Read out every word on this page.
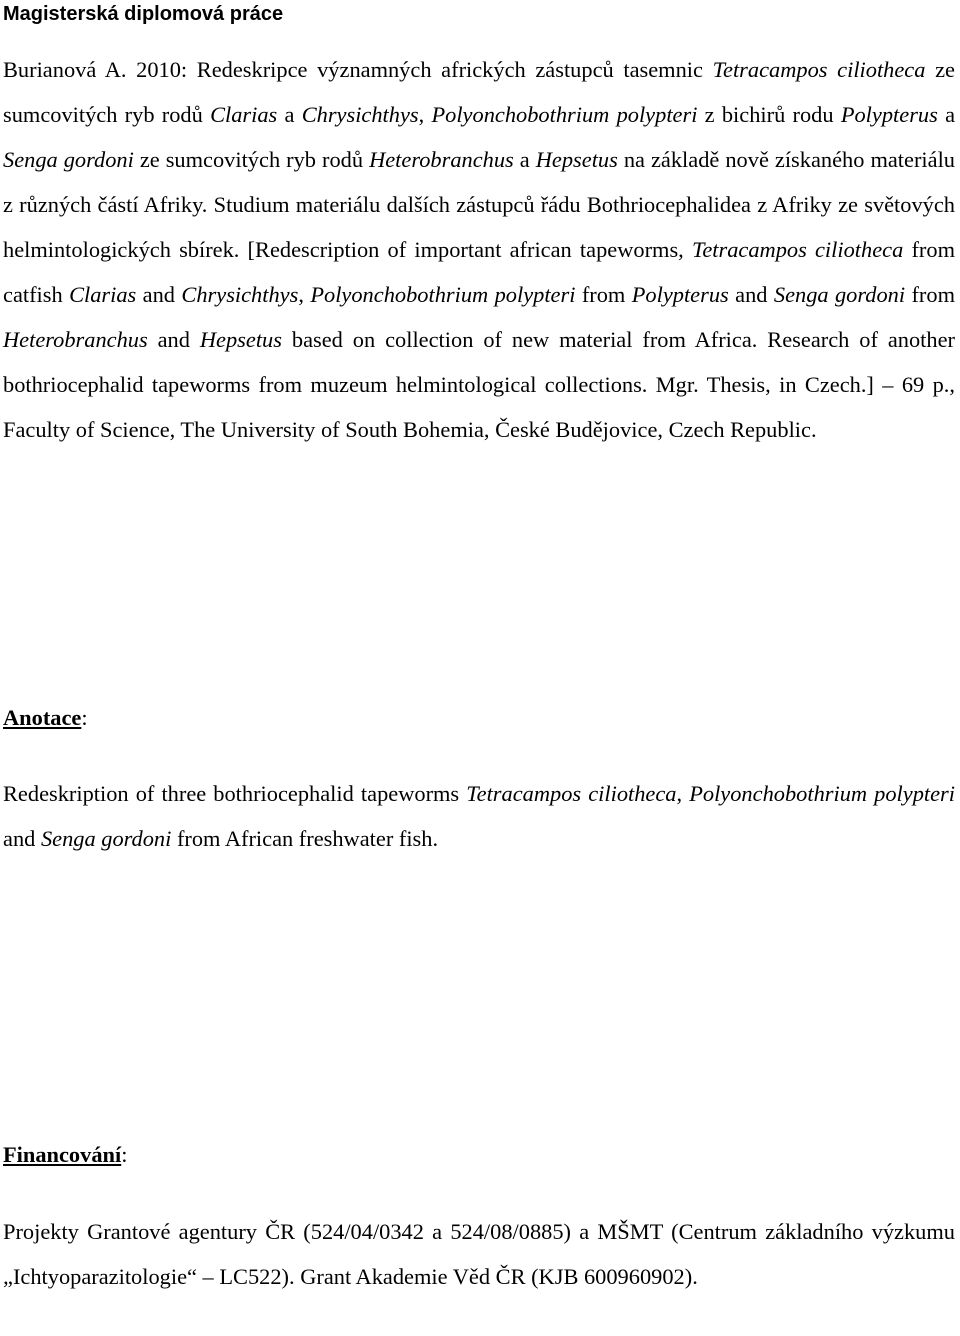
Magisterská diplomová práce

Burianová A. 2010: Redeskripce významných afrických zástupců tasemnic Tetracampos ciliotheca ze sumcovitých ryb rodů Clarias a Chrysichthys, Polyonchobothrium polypteri z bichirů rodu Polypterus a Senga gordoni ze sumcovitých ryb rodů Heterobranchus a Hepsetus na základě nově získaného materiálu z různých částí Afriky. Studium materiálu dalších zástupců řádu Bothriocephalidea z Afriky ze světových helmintologických sbírek. [Redescription of important african tapeworms, Tetracampos ciliotheca from catfish Clarias and Chrysichthys, Polyonchobothrium polypteri from Polypterus and Senga gordoni from Heterobranchus and Hepsetus based on collection of new material from Africa. Research of another bothriocephalid tapeworms from muzeum helmintological collections. Mgr. Thesis, in Czech.] – 69 p., Faculty of Science, The University of South Bohemia, České Budějovice, Czech Republic.

Anotace:

Redeskription of three bothriocephalid tapeworms Tetracampos ciliotheca, Polyonchobothrium polypteri and Senga gordoni from African freshwater fish.

Financování:

Projekty Grantové agentury ČR (524/04/0342 a 524/08/0885) a MŠMT (Centrum základního výzkumu „Ichtyoparazitologie“ – LC522). Grant Akademie Věd ČR (KJB 600960902).
